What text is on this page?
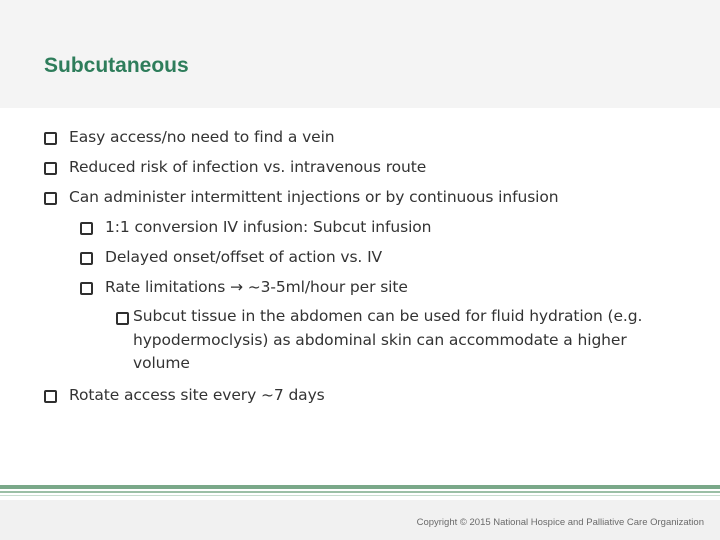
Subcutaneous
Easy access/no need to find a vein
Reduced risk of infection vs. intravenous route
Can administer intermittent injections or by continuous infusion
1:1 conversion IV infusion: Subcut infusion
Delayed onset/offset of action vs. IV
Rate limitations → ~3-5ml/hour per site
Subcut tissue in the abdomen can be used for fluid hydration (e.g. hypodermoclysis) as abdominal skin can accommodate a higher volume
Rotate access site every ~7 days
Copyright © 2015 National Hospice and Palliative Care Organization
